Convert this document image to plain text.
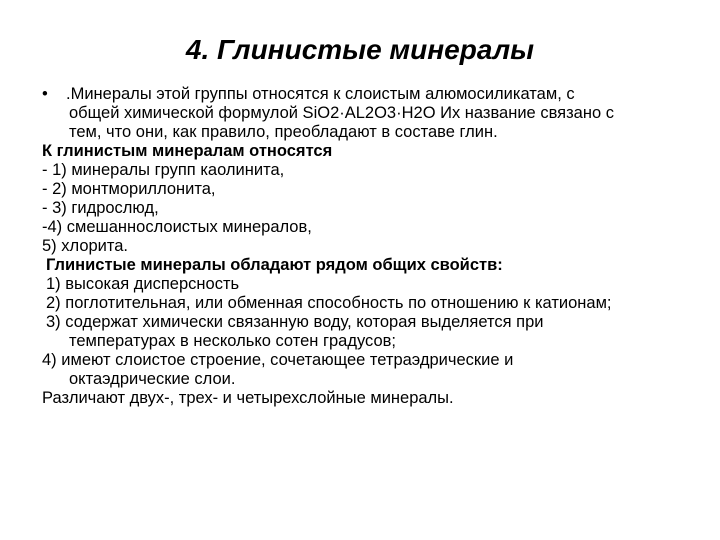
4. Глинистые минералы
•	.Минералы этой группы относятся к слоистым алюмосиликатам, с
общей химической формулой SiO2·AL2O3·H2O Их название связано с
тем, что они, как правило, преобладают в составе глин.
К глинистым минералам относятся
- 1) минералы групп каолинита,
- 2) монтмориллонита,
- 3) гидрослюд,
-4) смешаннослоистых минералов,
5) хлорита.
Глинистые минералы обладают рядом общих свойств:
1) высокая дисперсность
2) поглотительная, или обменная способность по отношению к катионам;
3) содержат химически связанную воду, которая выделяется при
температурах в несколько сотен градусов;
4) имеют слоистое строение, сочетающее тетраэдрические и
октаэдрические слои.
Различают двух-, трех- и четырехслойные минералы.
